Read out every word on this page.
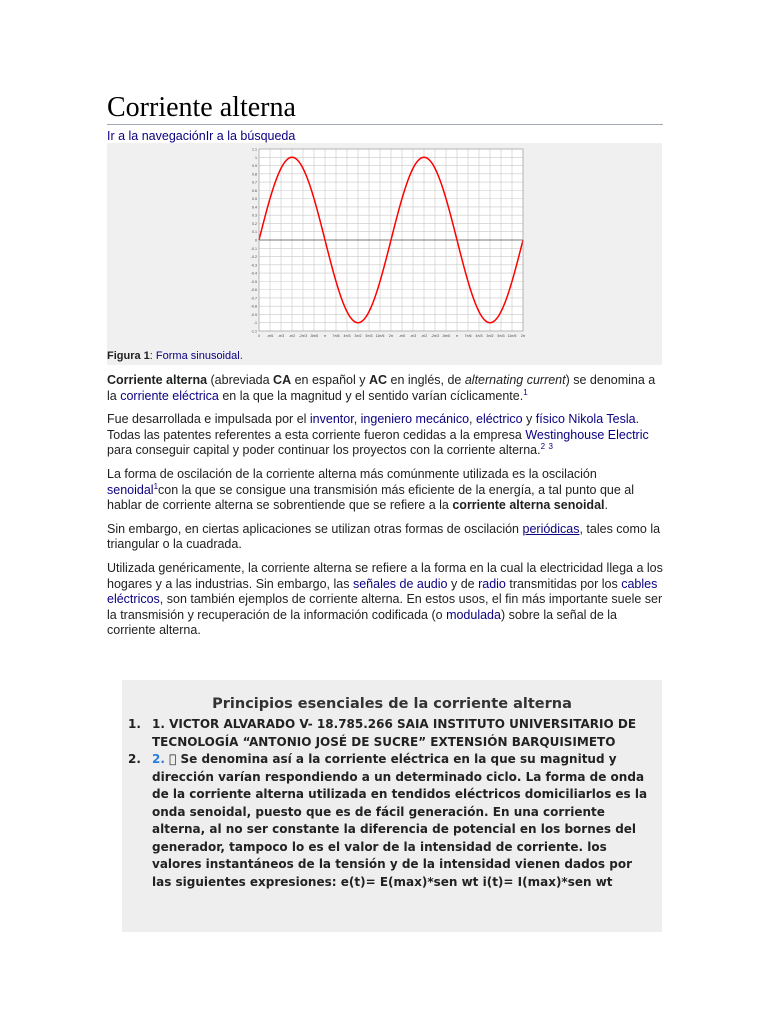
Corriente alterna
Ir a la navegaciónIr a la búsqueda
1.1
1
0.9
0.8
0.7
0.6
0.5
0.4
0.3
0.2
0.1
0
-0.1
-0.2
-0.3
-0.4
-0.5
-0.6
-0.7
-0.8
-0.9
-1
-1.1
0 -π/6 -π/3 -π/2 -2π/3 -5π/6 π 7π/6 4π/3 3π/2 5π/3 11π/6 2π -π/6 -π/3 -π/2 -2π/3 -5π/6 π 7π/6 4π/3 3π/2 5π/3 11π/6 2π
Figura 1: Forma sinusoidal.

Corriente alterna (abreviada CA en español y AC en inglés, de alternating current) se denomina a la corriente eléctrica en la que la magnitud y el sentido varían cíclicamente.$^1$

Fue desarrollada e impulsada por el inventor, ingeniero mecánico, eléctrico y físico Nikola Tesla. Todas las patentes referentes a esta corriente fueron cedidas a la empresa Westinghouse Electric para conseguir capital y poder continuar los proyectos con la corriente alterna.$^2$ $^3$

La forma de oscilación de la corriente alterna más comúnmente utilizada es la oscilación senoidal$^1$con la que se consigue una transmisión más eficiente de la energía, a tal punto que al hablar de corriente alterna se sobrentiende que se refiere a la corriente alterna senoidal.

Sin embargo, en ciertas aplicaciones se utilizan otras formas de oscilación periódicas, tales como la triangular o la cuadrada.

Utilizada genéricamente, la corriente alterna se refiere a la forma en la cual la electricidad llega a los hogares y a las industrias. Sin embargo, las señales de audio y de radio transmitidas por los cables eléctricos, son también ejemplos de corriente alterna. En estos usos, el fin más importante suele ser la transmisión y recuperación de la información codificada (o modulada) sobre la señal de la corriente alterna.

Principios esenciales de la corriente alterna
1. 1. VICTOR ALVARADO V- 18.785.266 SAIA INSTITUTO UNIVERSITARIO DE TECNOLOGÍA “ANTONIO JOSÉ DE SUCRE” EXTENSIÓN BARQUISIMETO
2. 2.   Se denomina así a la corriente eléctrica en la que su magnitud y dirección varían respondiendo a un determinado ciclo. La forma de onda de la corriente alterna utilizada en tendidos eléctricos domiciliarlos es la onda senoidal, puesto que es de fácil generación. En una corriente alterna, al no ser constante la diferencia de potencial en los bornes del generador, tampoco lo es el valor de la intensidad de corriente. los valores instantáneos de la tensión y de la intensidad vienen dados por las siguientes expresiones: e(t)= E(max)*sen wt i(t)= I(max)*sen wt
